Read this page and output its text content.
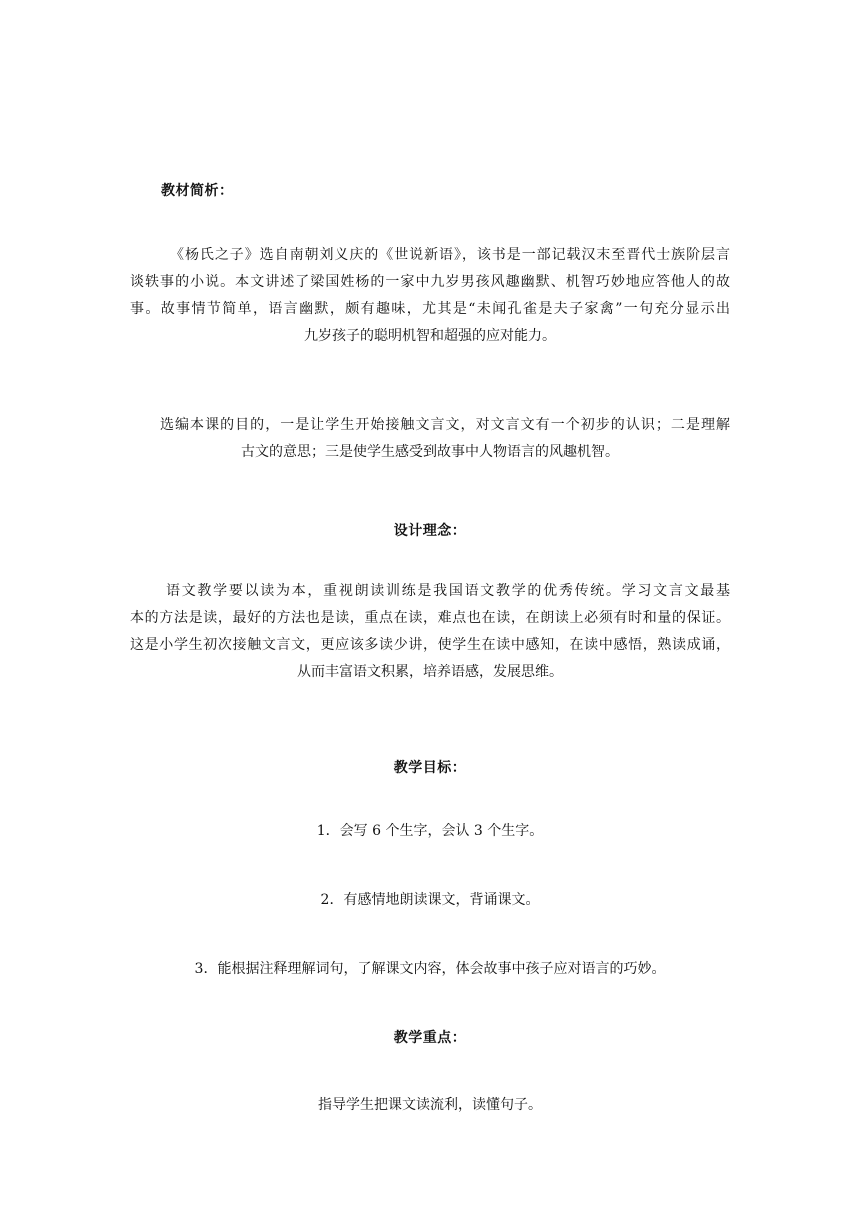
教材简析：
《杨氏之子》选自南朝刘义庆的《世说新语》，该书是一部记载汉末至晋代士族阶层言
谈轶事的小说。本文讲述了梁国姓杨的一家中九岁男孩风趣幽默、机智巧妙地应答他人的故
事。故事情节简单，语言幽默，颇有趣味，尤其是“未闻孔雀是夫子家禽”一句充分显示出
九岁孩子的聪明机智和超强的应对能力。
选编本课的目的，一是让学生开始接触文言文，对文言文有一个初步的认识；二是理解
古文的意思；三是使学生感受到故事中人物语言的风趣机智。
设计理念：
语文教学要以读为本，重视朗读训练是我国语文教学的优秀传统。学习文言文最基
本的方法是读，最好的方法也是读，重点在读，难点也在读，在朗读上必须有时和量的保证。
这是小学生初次接触文言文，更应该多读少讲，使学生在读中感知，在读中感悟，熟读成诵，
从而丰富语文积累，培养语感，发展思维。
教学目标：
1．会写 6 个生字，会认 3 个生字。
2．有感情地朗读课文，背诵课文。
3．能根据注释理解词句，了解课文内容，体会故事中孩子应对语言的巧妙。
教学重点：
指导学生把课文读流利，读懂句子。
